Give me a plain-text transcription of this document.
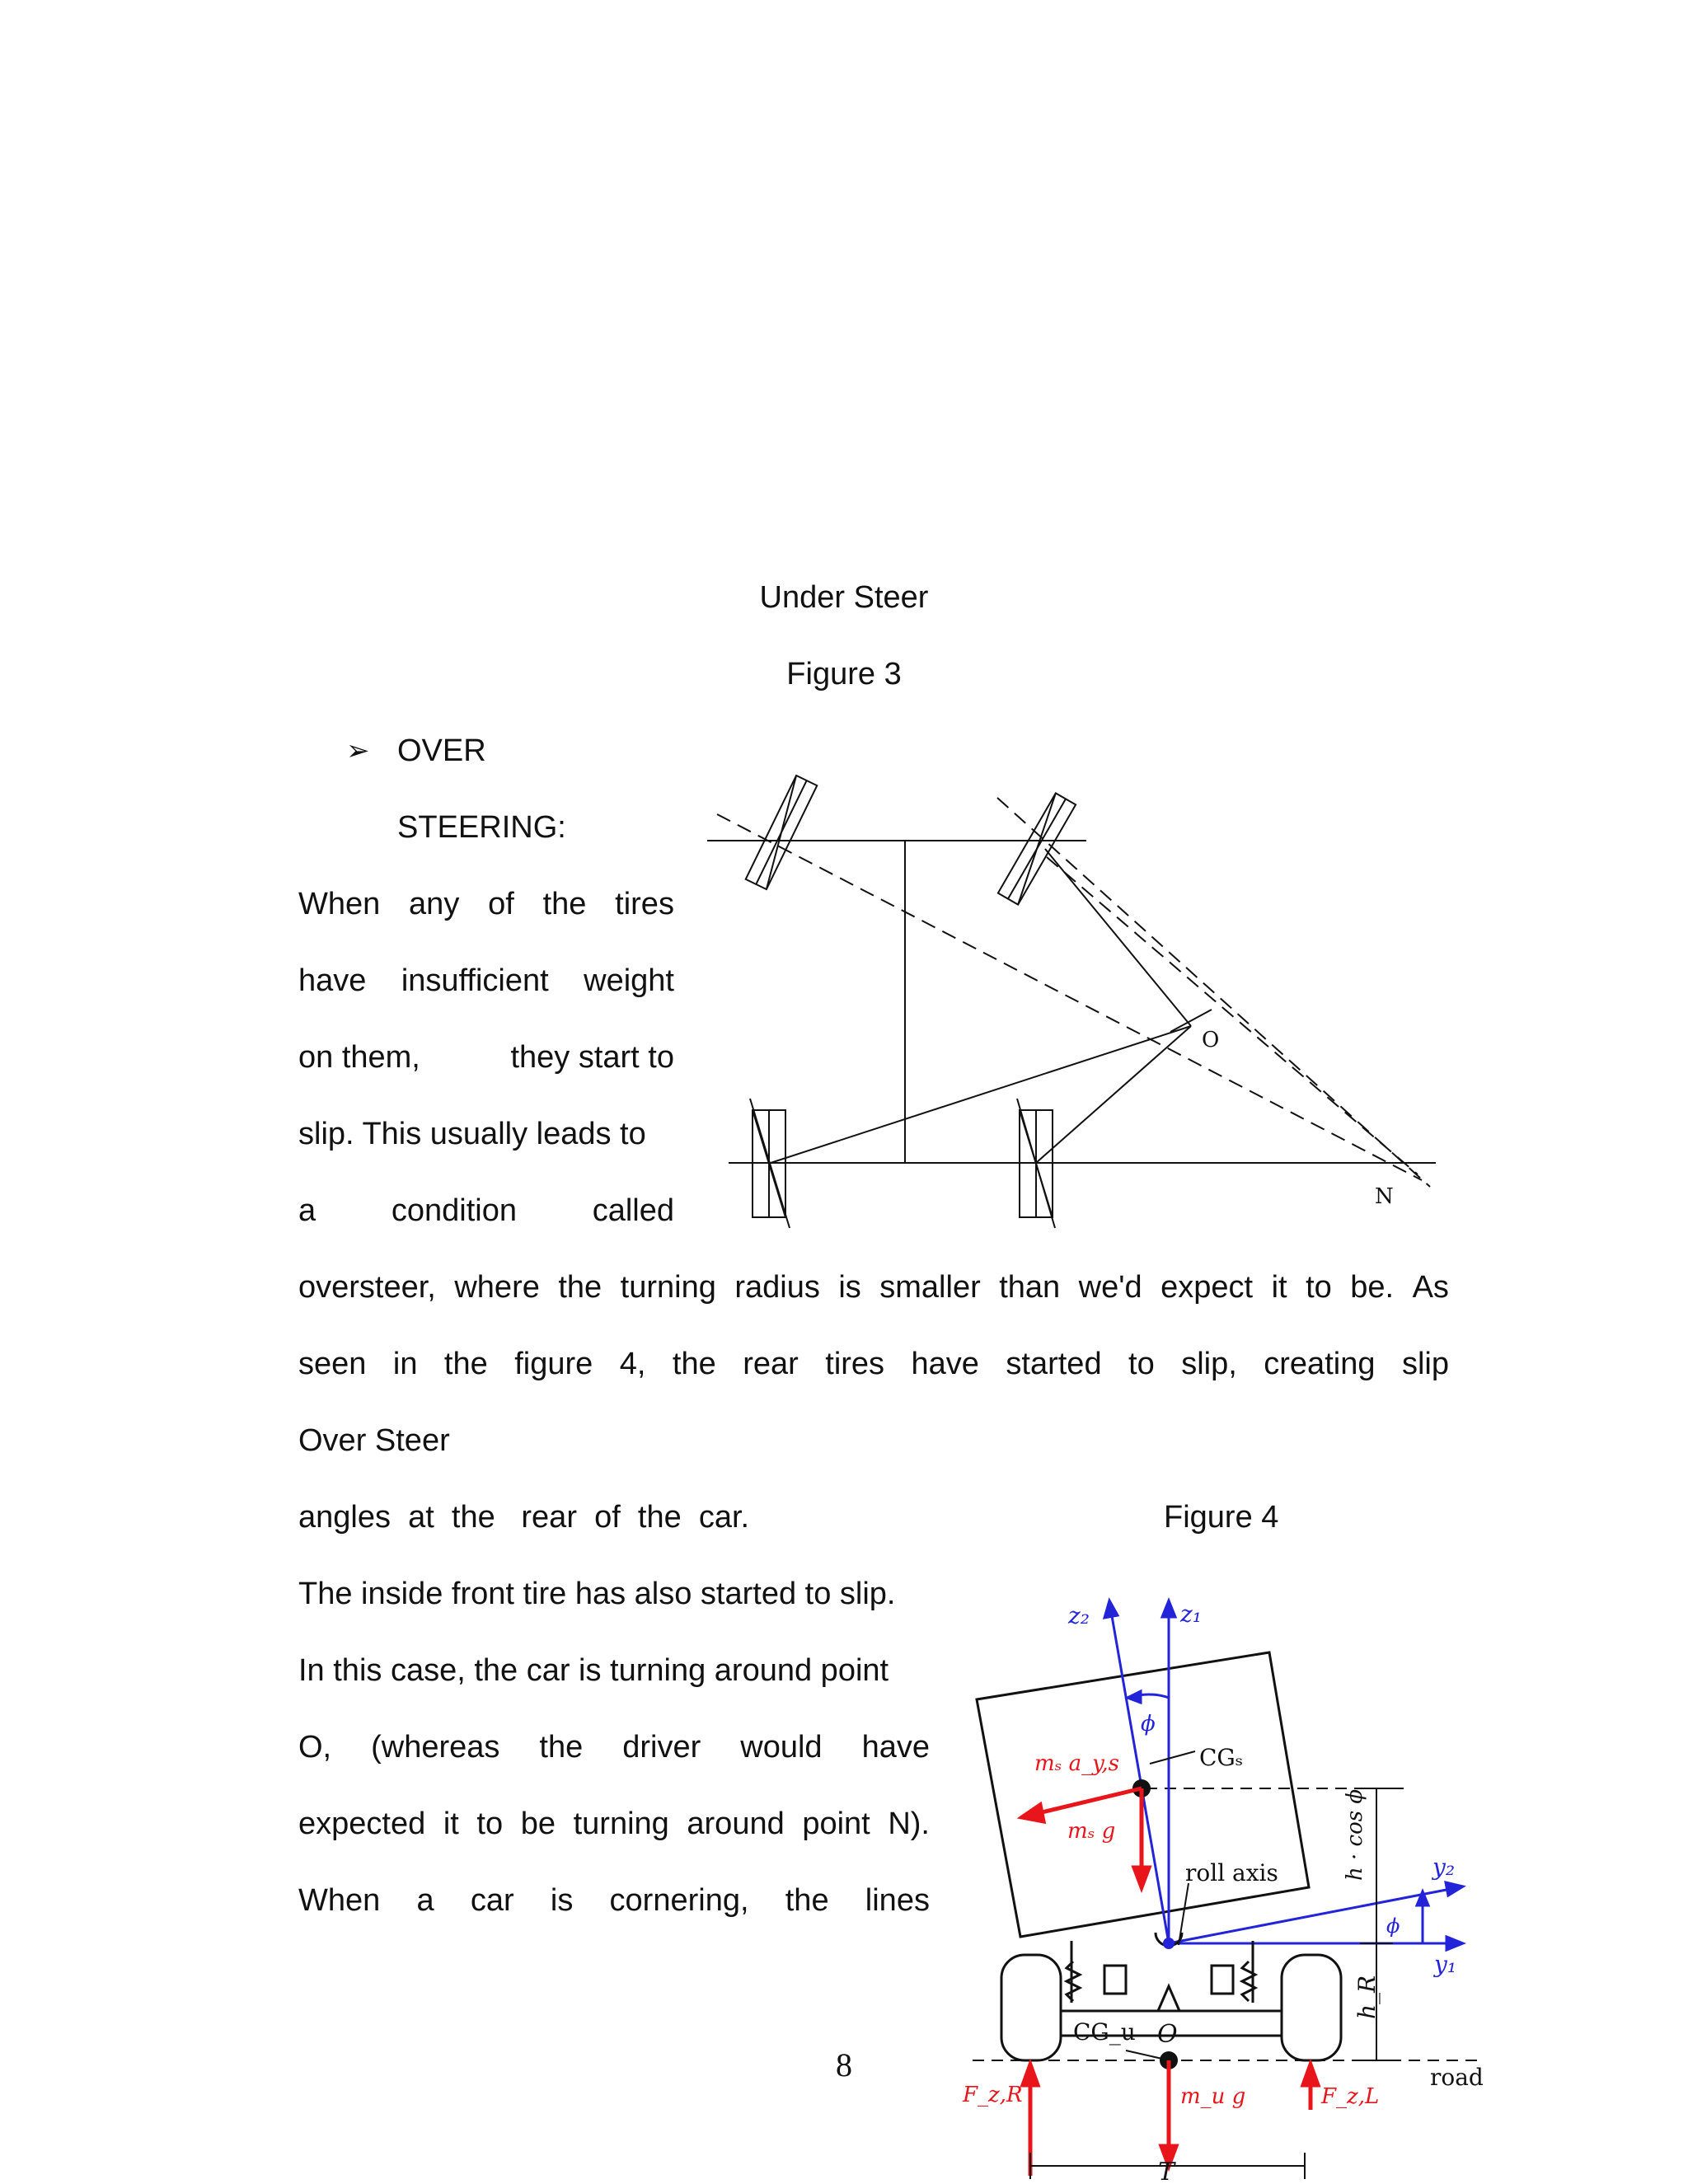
Under Steer
Figure 3
➢ OVER
STEERING:
When any of the tires
have insufficient weight
on them,	they start to
slip. This usually leads to
a condition called
oversteer, where the turning radius is smaller than we'd expect it to be. As
seen in the figure 4, the rear tires have started to slip, creating slip
Over Steer
angles  at  the   rear  of  the  car.	Figure 4
The inside front tire has also started to slip.
In this case, the car is turning around point
O, (whereas the driver would have
expected it to be turning around point N).
When a car is cornering, the lines
O
N
z₂	z₁
ϕ
CGₛ
mₛ a_y,s
mₛ g
roll axis	h · cos ϕ	y₂
y₁
ϕ
h_R
CG_u O
road
F_z,R	m_u g	F_z,L
T
8
